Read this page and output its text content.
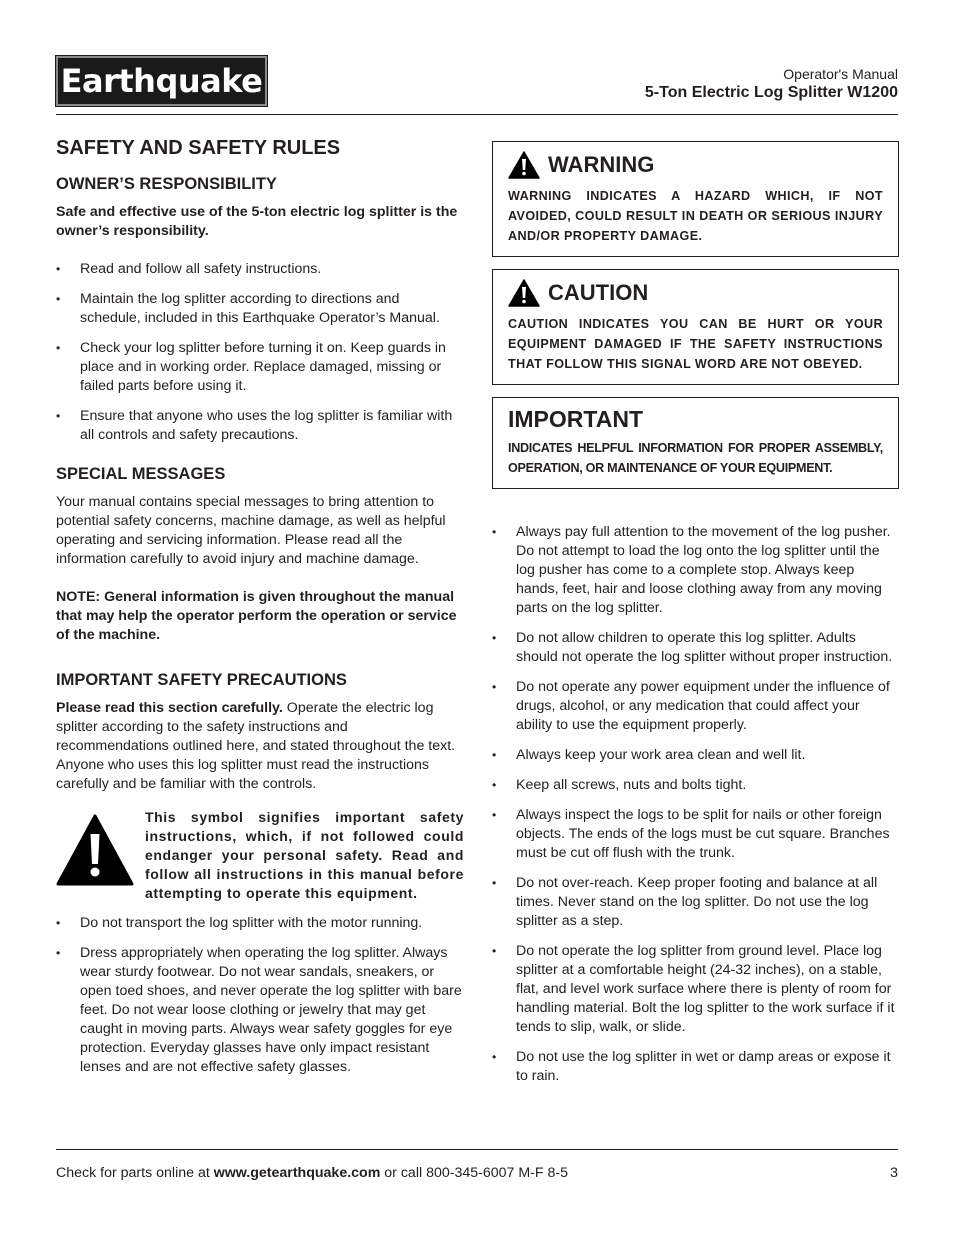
Earthquake	Operator's Manual
5-Ton Electric Log Splitter W1200
SAFETY AND SAFETY RULES
OWNER’S RESPONSIBILITY

Safe and effective use of the 5-ton electric log splitter is the owner’s responsibility.

• Read and follow all safety instructions.
• Maintain the log splitter according to directions and schedule, included in this Earthquake Operator’s Manual.
• Check your log splitter before turning it on. Keep guards in place and in working order. Replace damaged, missing or failed parts before using it.
• Ensure that anyone who uses the log splitter is familiar with all controls and safety precautions.
SPECIAL MESSAGES

Your manual contains special messages to bring attention to potential safety concerns, machine damage, as well as helpful operating and servicing information. Please read all the information carefully to avoid injury and machine damage.

NOTE: General information is given throughout the manual that may help the operator perform the operation or service of the machine.

IMPORTANT SAFETY PRECAUTIONS

Please read this section carefully. Operate the electric log splitter according to the safety instructions and recommendations outlined here, and stated throughout the text. Anyone who uses this log splitter must read the instructions carefully and be familiar with the controls.

This symbol signifies important safety instructions, which, if not followed could endanger your personal safety. Read and follow all instructions in this manual before attempting to operate this equipment.

• Do not transport the log splitter with the motor running.
• Dress appropriately when operating the log splitter. Always wear sturdy footwear. Do not wear sandals, sneakers, or open toed shoes, and never operate the log splitter with bare feet. Do not wear loose clothing or jewelry that may get caught in moving parts. Always wear safety goggles for eye protection. Everyday glasses have only impact resistant lenses and are not effective safety glasses.
WARNING
WARNING INDICATES A HAZARD WHICH, IF NOT AVOIDED, COULD RESULT IN DEATH OR SERIOUS INJURY AND/OR PROPERTY DAMAGE.
CAUTION
CAUTION INDICATES YOU CAN BE HURT OR YOUR EQUIPMENT DAMAGED IF THE SAFETY INSTRUCTIONS THAT FOLLOW THIS SIGNAL WORD ARE NOT OBEYED.
IMPORTANT
INDICATES HELPFUL INFORMATION FOR PROPER ASSEMBLY, OPERATION, OR MAINTENANCE OF YOUR EQUIPMENT.
• Always pay full attention to the movement of the log pusher. Do not attempt to load the log onto the log splitter until the log pusher has come to a complete stop. Always keep hands, feet, hair and loose clothing away from any moving parts on the log splitter.
• Do not allow children to operate this log splitter. Adults should not operate the log splitter without proper instruction.
• Do not operate any power equipment under the influence of drugs, alcohol, or any medication that could affect your ability to use the equipment properly.
• Always keep your work area clean and well lit.
• Keep all screws, nuts and bolts tight.
• Always inspect the logs to be split for nails or other foreign objects. The ends of the logs must be cut square. Branches must be cut off flush with the trunk.
• Do not over-reach. Keep proper footing and balance at all times. Never stand on the log splitter. Do not use the log splitter as a step.
• Do not operate the log splitter from ground level. Place log splitter at a comfortable height (24-32 inches), on a stable, flat, and level work surface where there is plenty of room for handling material. Bolt the log splitter to the work surface if it tends to slip, walk, or slide.
• Do not use the log splitter in wet or damp areas or expose it to rain.
Check for parts online at www.getearthquake.com or call 800-345-6007 M-F 8-5	3
